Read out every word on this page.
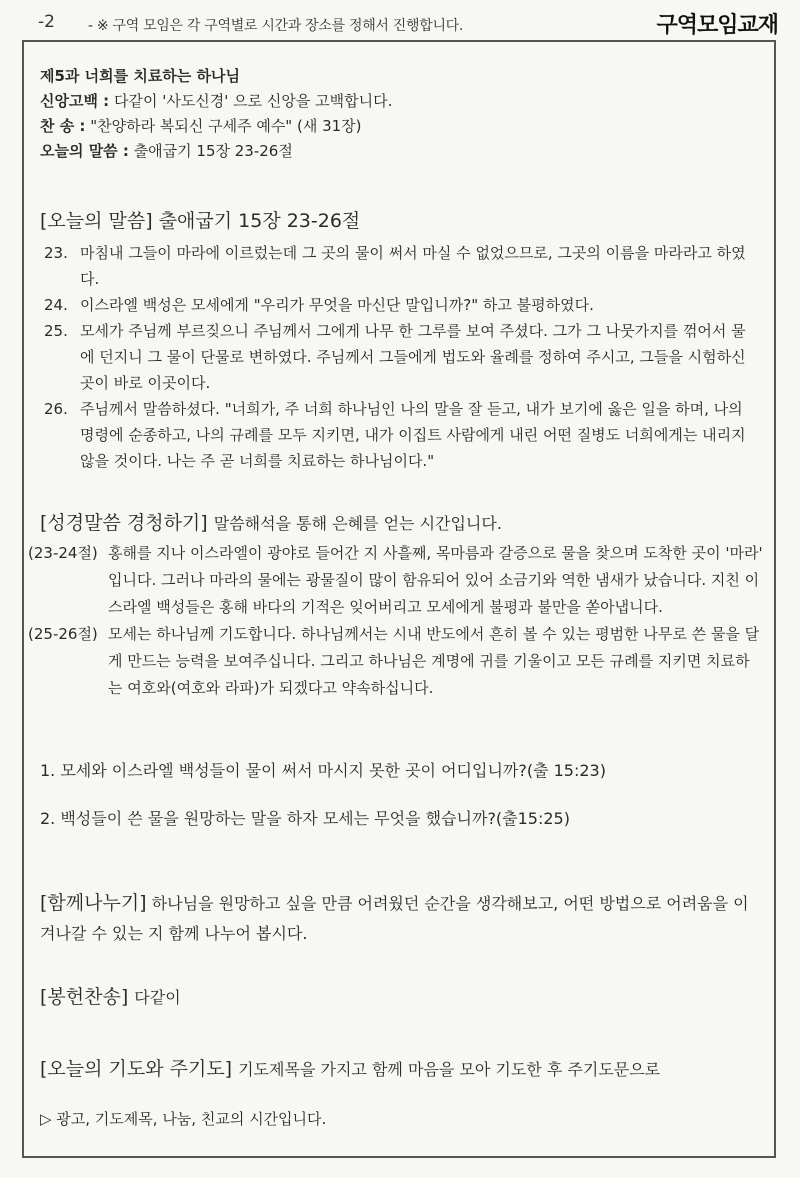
-2 - ※ 구역 모임은 각 구역별로 시간과 장소를 정해서 진행합니다.	구역모임교재
제5과 너희를 치료하는 하나님
신앙고백 : 다같이 '사도신경' 으로 신앙을 고백합니다.
찬 송 : "찬양하라 복되신 구세주 예수" (새 31장)
오늘의 말씀 : 출애굽기 15장 23-26절
[오늘의 말씀] 출애굽기 15장 23-26절
23. 마침내 그들이 마라에 이르렀는데 그 곳의 물이 써서 마실 수 없었으므로, 그곳의 이름을 마라라고 하였다.
24. 이스라엘 백성은 모세에게 "우리가 무엇을 마신단 말입니까?" 하고 불평하였다.
25. 모세가 주님께 부르짖으니 주님께서 그에게 나무 한 그루를 보여 주셨다. 그가 그 나뭇가지를 꺾어서 물에 던지니 그 물이 단물로 변하였다. 주님께서 그들에게 법도와 율례를 정하여 주시고, 그들을 시험하신 곳이 바로 이곳이다.
26. 주님께서 말씀하셨다. "너희가, 주 너희 하나님인 나의 말을 잘 듣고, 내가 보기에 옳은 일을 하며, 나의 명령에 순종하고, 나의 규례를 모두 지키면, 내가 이집트 사람에게 내린 어떤 질병도 너희에게는 내리지 않을 것이다. 나는 주 곧 너희를 치료하는 하나님이다."
[성경말씀 경청하기] 말씀해석을 통해 은혜를 얻는 시간입니다.
(23-24절) 홍해를 지나 이스라엘이 광야로 들어간 지 사흘째, 목마름과 갈증으로 물을 찾으며 도착한 곳이 '마라' 입니다. 그러나 마라의 물에는 광물질이 많이 함유되어 있어 소금기와 역한 냄새가 났습니다. 지친 이스라엘 백성들은 홍해 바다의 기적은 잊어버리고 모세에게 불평과 불만을 쏟아냅니다.
(25-26절) 모세는 하나님께 기도합니다. 하나님께서는 시내 반도에서 흔히 볼 수 있는 평범한 나무로 쓴 물을 달게 만드는 능력을 보여주십니다. 그리고 하나님은 계명에 귀를 기울이고 모든 규례를 지키면 치료하는 여호와(여호와 라파)가 되겠다고 약속하십니다.
1. 모세와 이스라엘 백성들이 물이 써서 마시지 못한 곳이 어디입니까?(출 15:23)
2. 백성들이 쓴 물을 원망하는 말을 하자 모세는 무엇을 했습니까?(출15:25)
[함께나누기] 하나님을 원망하고 싶을 만큼 어려웠던 순간을 생각해보고, 어떤 방법으로 어려움을 이겨나갈 수 있는 지 함께 나누어 봅시다.
[봉헌찬송] 다같이
[오늘의 기도와 주기도] 기도제목을 가지고 함께 마음을 모아 기도한 후 주기도문으로
▷ 광고, 기도제목, 나눔, 친교의 시간입니다.
